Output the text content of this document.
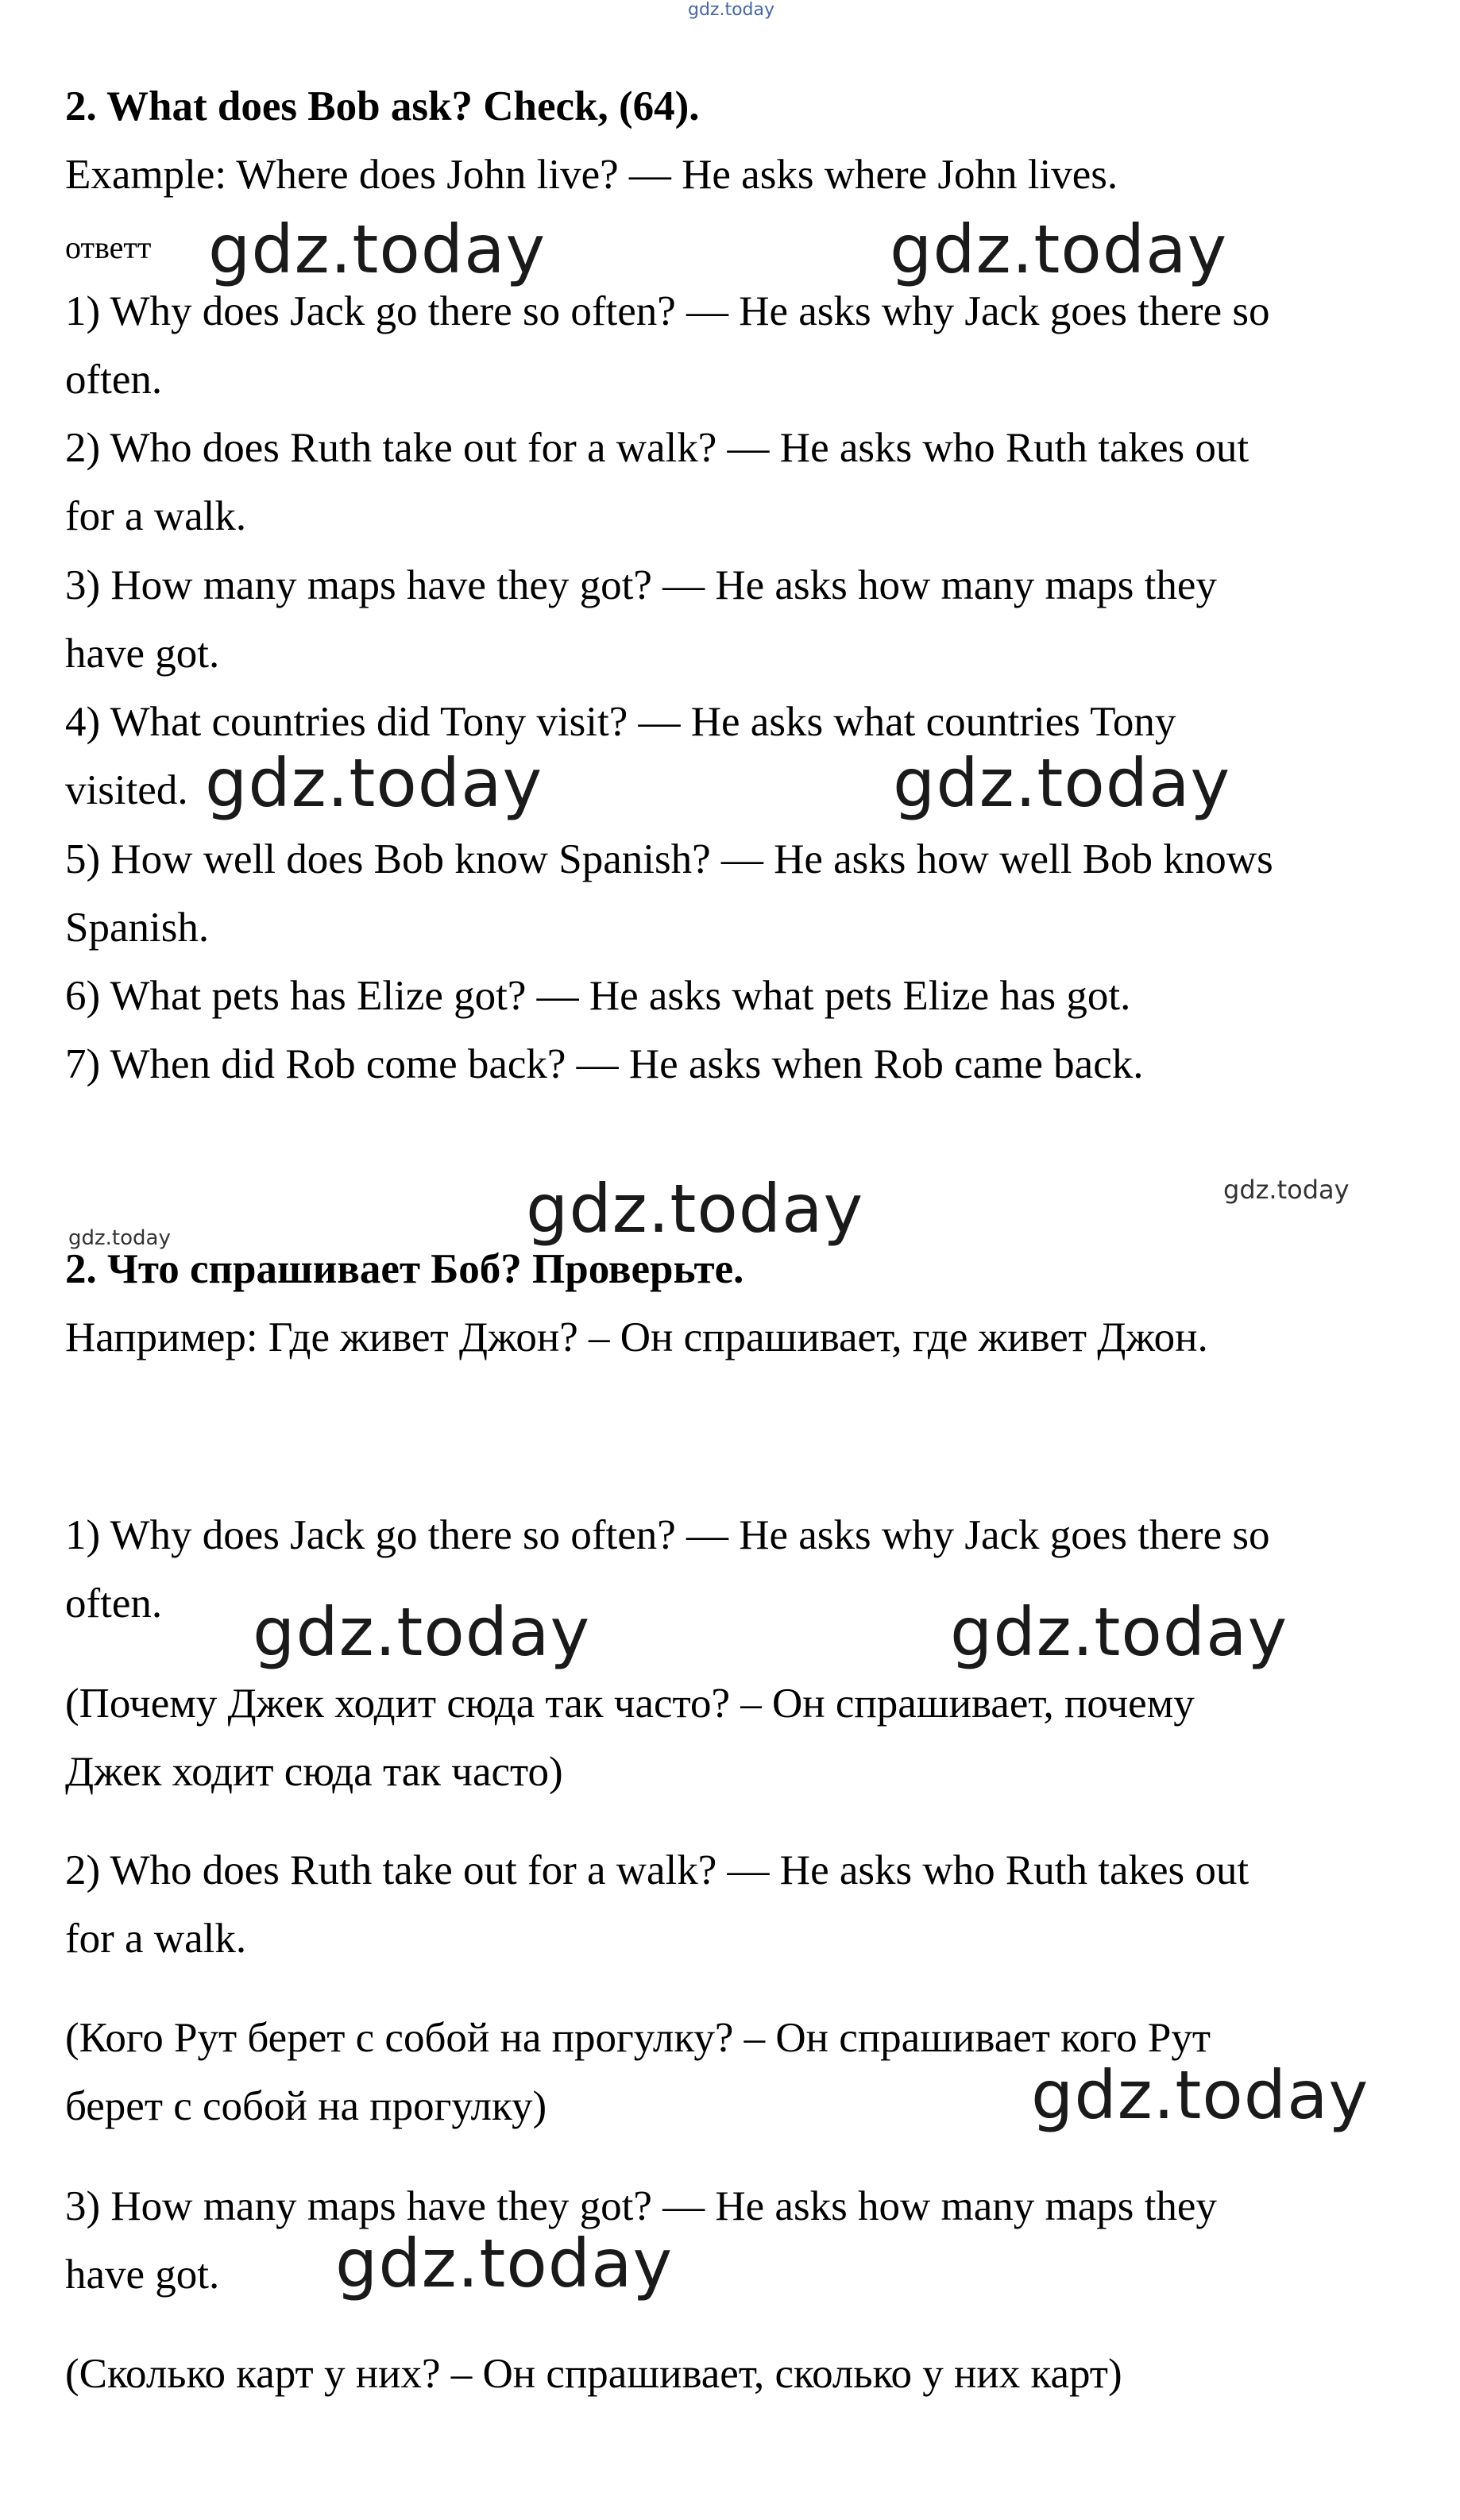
gdz.today
2. What does Bob ask? Check, (64).
Example: Where does John live? — He asks where John lives.
ответт
1) Why does Jack go there so often? — He asks why Jack goes there so
often.
2) Who does Ruth take out for a walk? — He asks who Ruth takes out
for a walk.
3) How many maps have they got? — He asks how many maps they
have got.
4) What countries did Tony visit? — He asks what countries Tony
visited.
5) How well does Bob know Spanish? — He asks how well Bob knows
Spanish.
6) What pets has Elize got? — He asks what pets Elize has got.
7) When did Rob come back? — He asks when Rob came back.
2. Что спрашивает Боб? Проверьте.
Например: Где живет Джон? – Он спрашивает, где живет Джон.
1) Why does Jack go there so often? — He asks why Jack goes there so
often.
(Почему Джек ходит сюда так часто? – Он спрашивает, почему
Джек ходит сюда так часто)
2) Who does Ruth take out for a walk? — He asks who Ruth takes out
for a walk.
(Кого Рут берет с собой на прогулку? – Он спрашивает кого Рут
берет с собой на прогулку)
3) How many maps have they got? — He asks how many maps they
have got.
(Сколько карт у них? – Он спрашивает, сколько у них карт)
gdz.today	gdz.today
gdz.today	gdz.today
gdz.today	gdz.today
gdz.today
gdz.today	gdz.today
gdz.today
gdz.today
